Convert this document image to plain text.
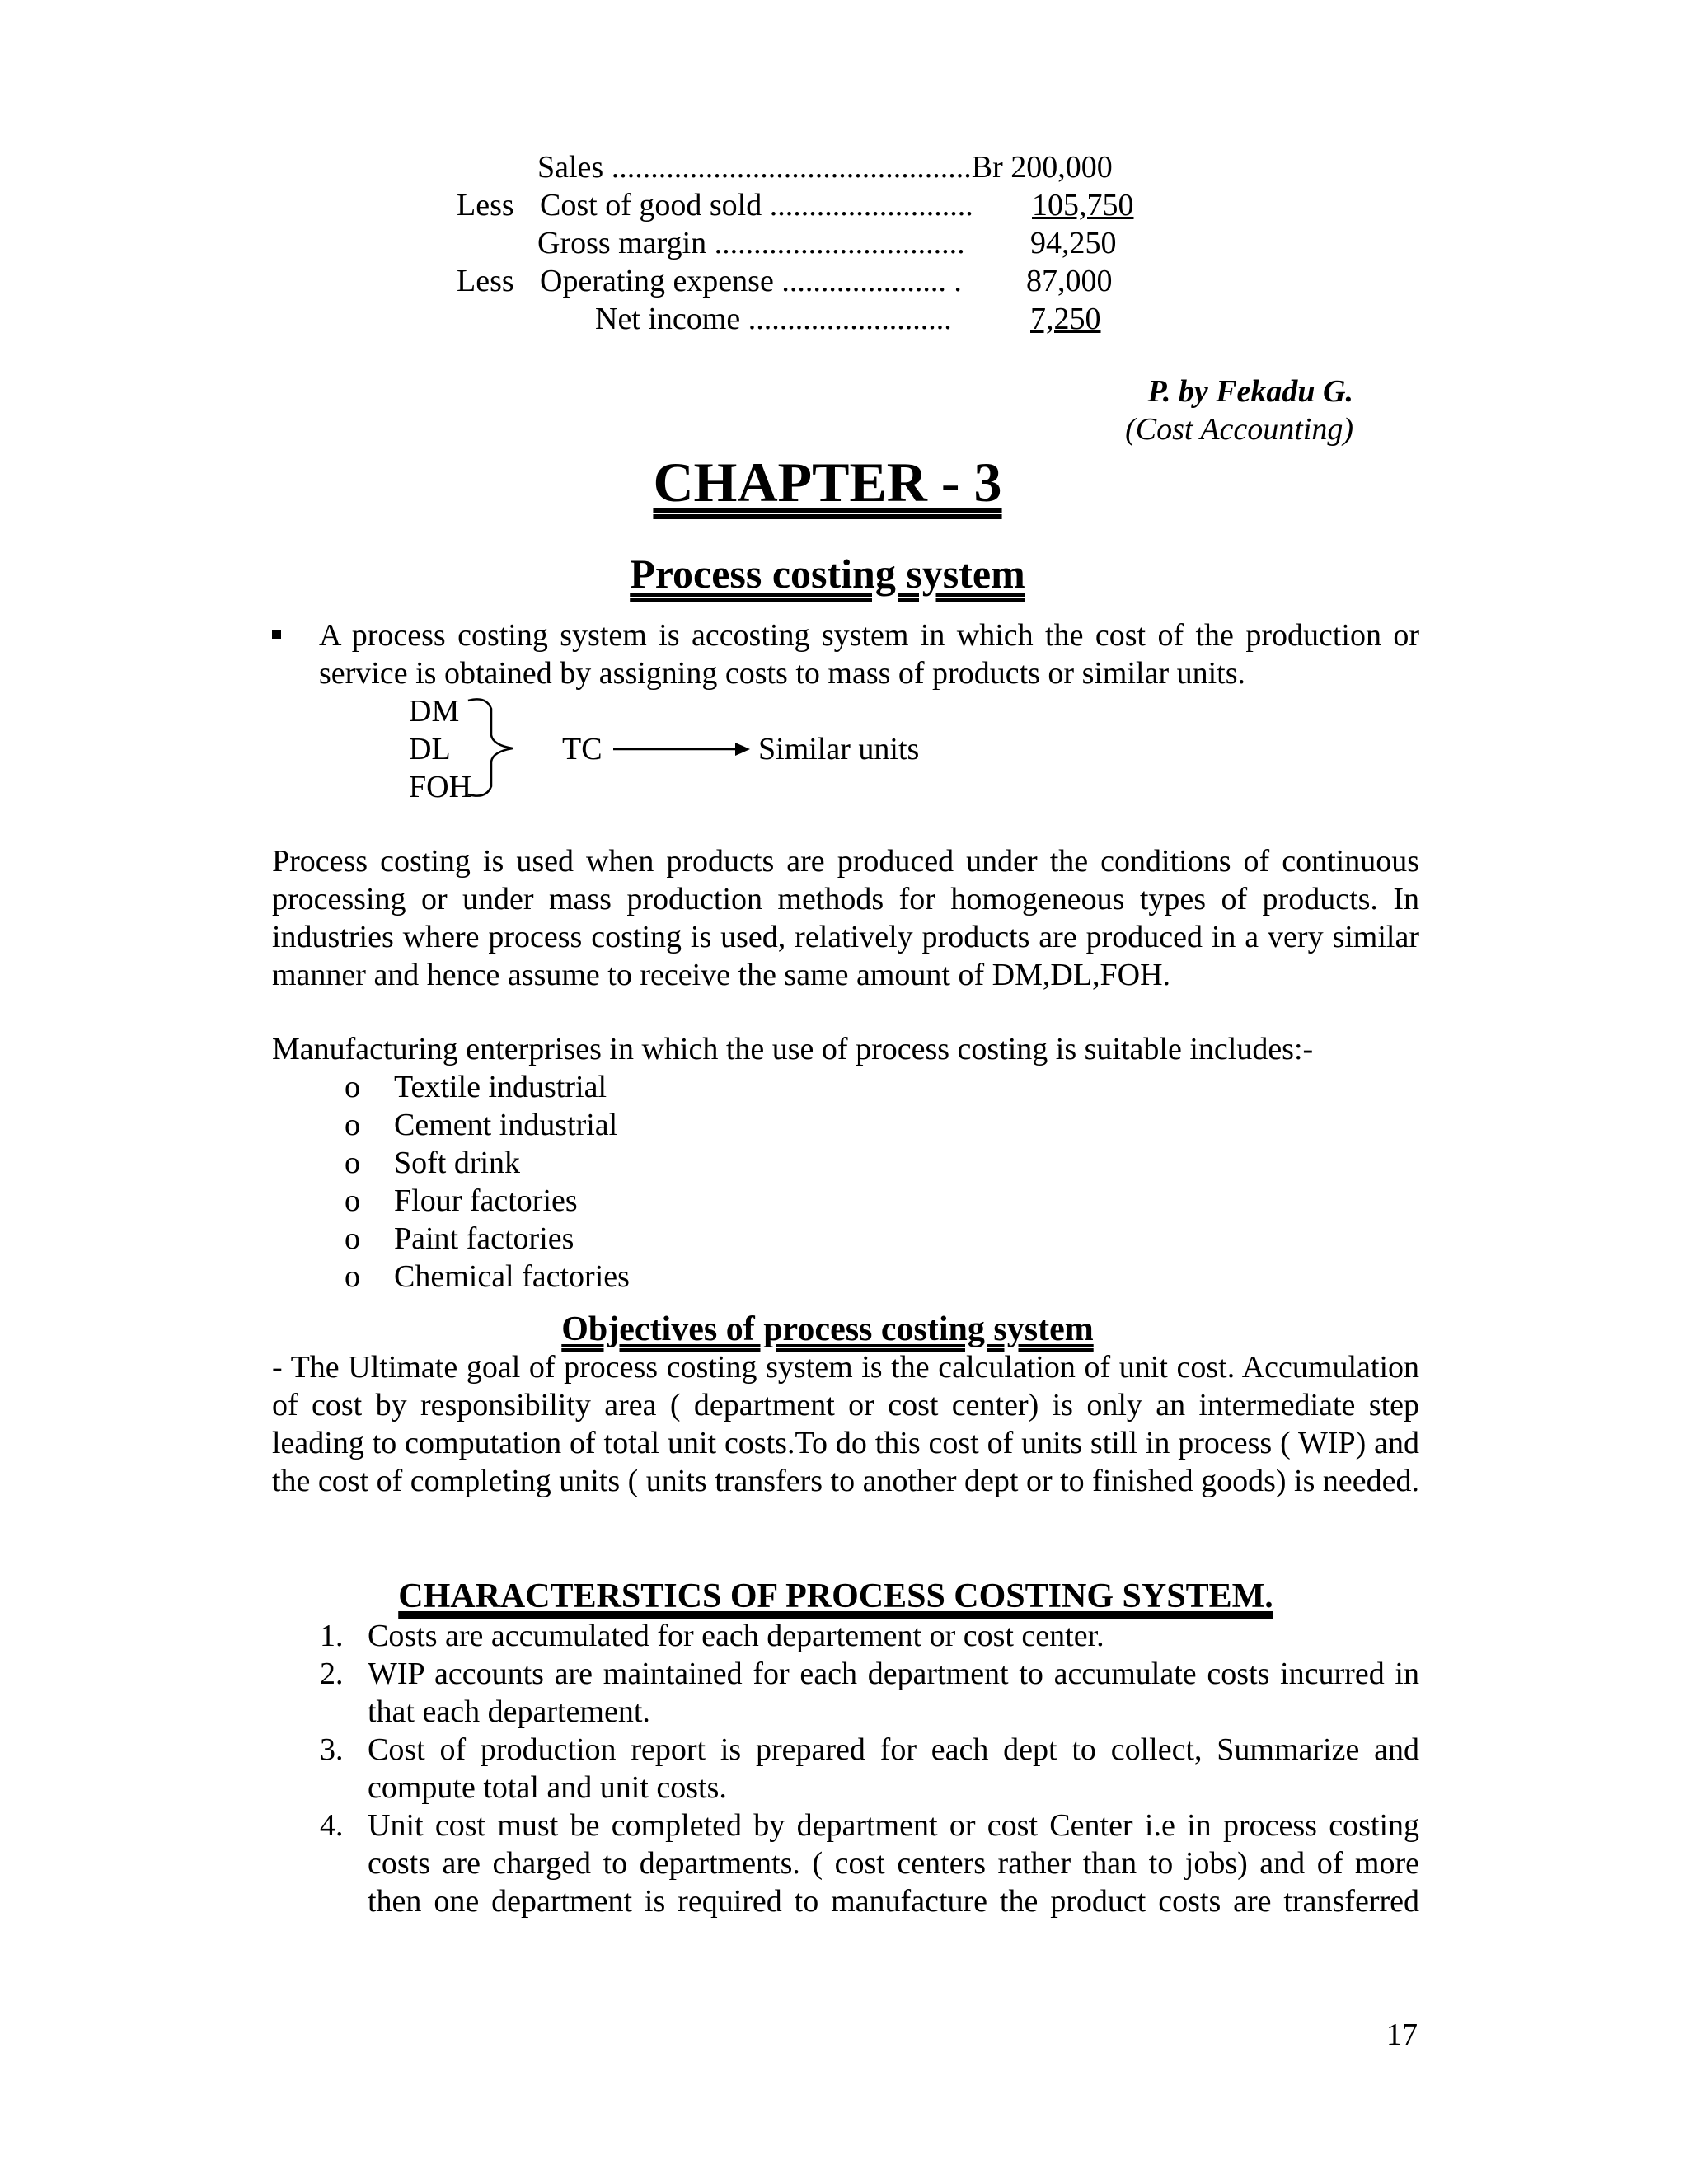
Sales ..............................................Br 200,000
Less Cost of good sold .......................... 105,750
Gross margin ................................ 94,250
Less Operating expense ..................... . 87,000
Net income ..........................	7,250
P. by Fekadu G.
(Cost Accounting)
CHAPTER - 3
Process costing system
A process costing system is accosting system in which the cost of the production or service is obtained by assigning costs to mass of products or similar units.
DM
DL
FOH
TC	Similar units
Process costing is used when products are produced under the conditions of continuous processing or under mass production methods for homogeneous types of products. In industries where process costing is used, relatively products are produced in a very similar manner and hence assume to receive the same amount of DM,DL,FOH.
Manufacturing enterprises in which the use of process costing is suitable includes:-
o Textile industrial
o Cement industrial
o Soft drink
o Flour factories
o Paint factories
o Chemical factories
Objectives of process costing system
- The Ultimate goal of process costing system is the calculation of unit cost. Accumulation of cost by responsibility area ( department or cost center) is only an intermediate step leading to computation of total unit costs.To do this cost of units still in process ( WIP) and the cost of completing units ( units transfers to another dept or to finished goods) is needed.
CHARACTERSTICS OF PROCESS COSTING SYSTEM.
1. Costs are accumulated for each departement or cost center.
2. WIP accounts are maintained for each department to accumulate costs incurred in that each departement.
3. Cost of production report is prepared for each dept to collect, Summarize and compute total and unit costs.
4. Unit cost must be completed by department or cost Center i.e in process costing costs are charged to departments. ( cost centers rather than to jobs) and of more then one department is required to manufacture the product costs are transferred
17
